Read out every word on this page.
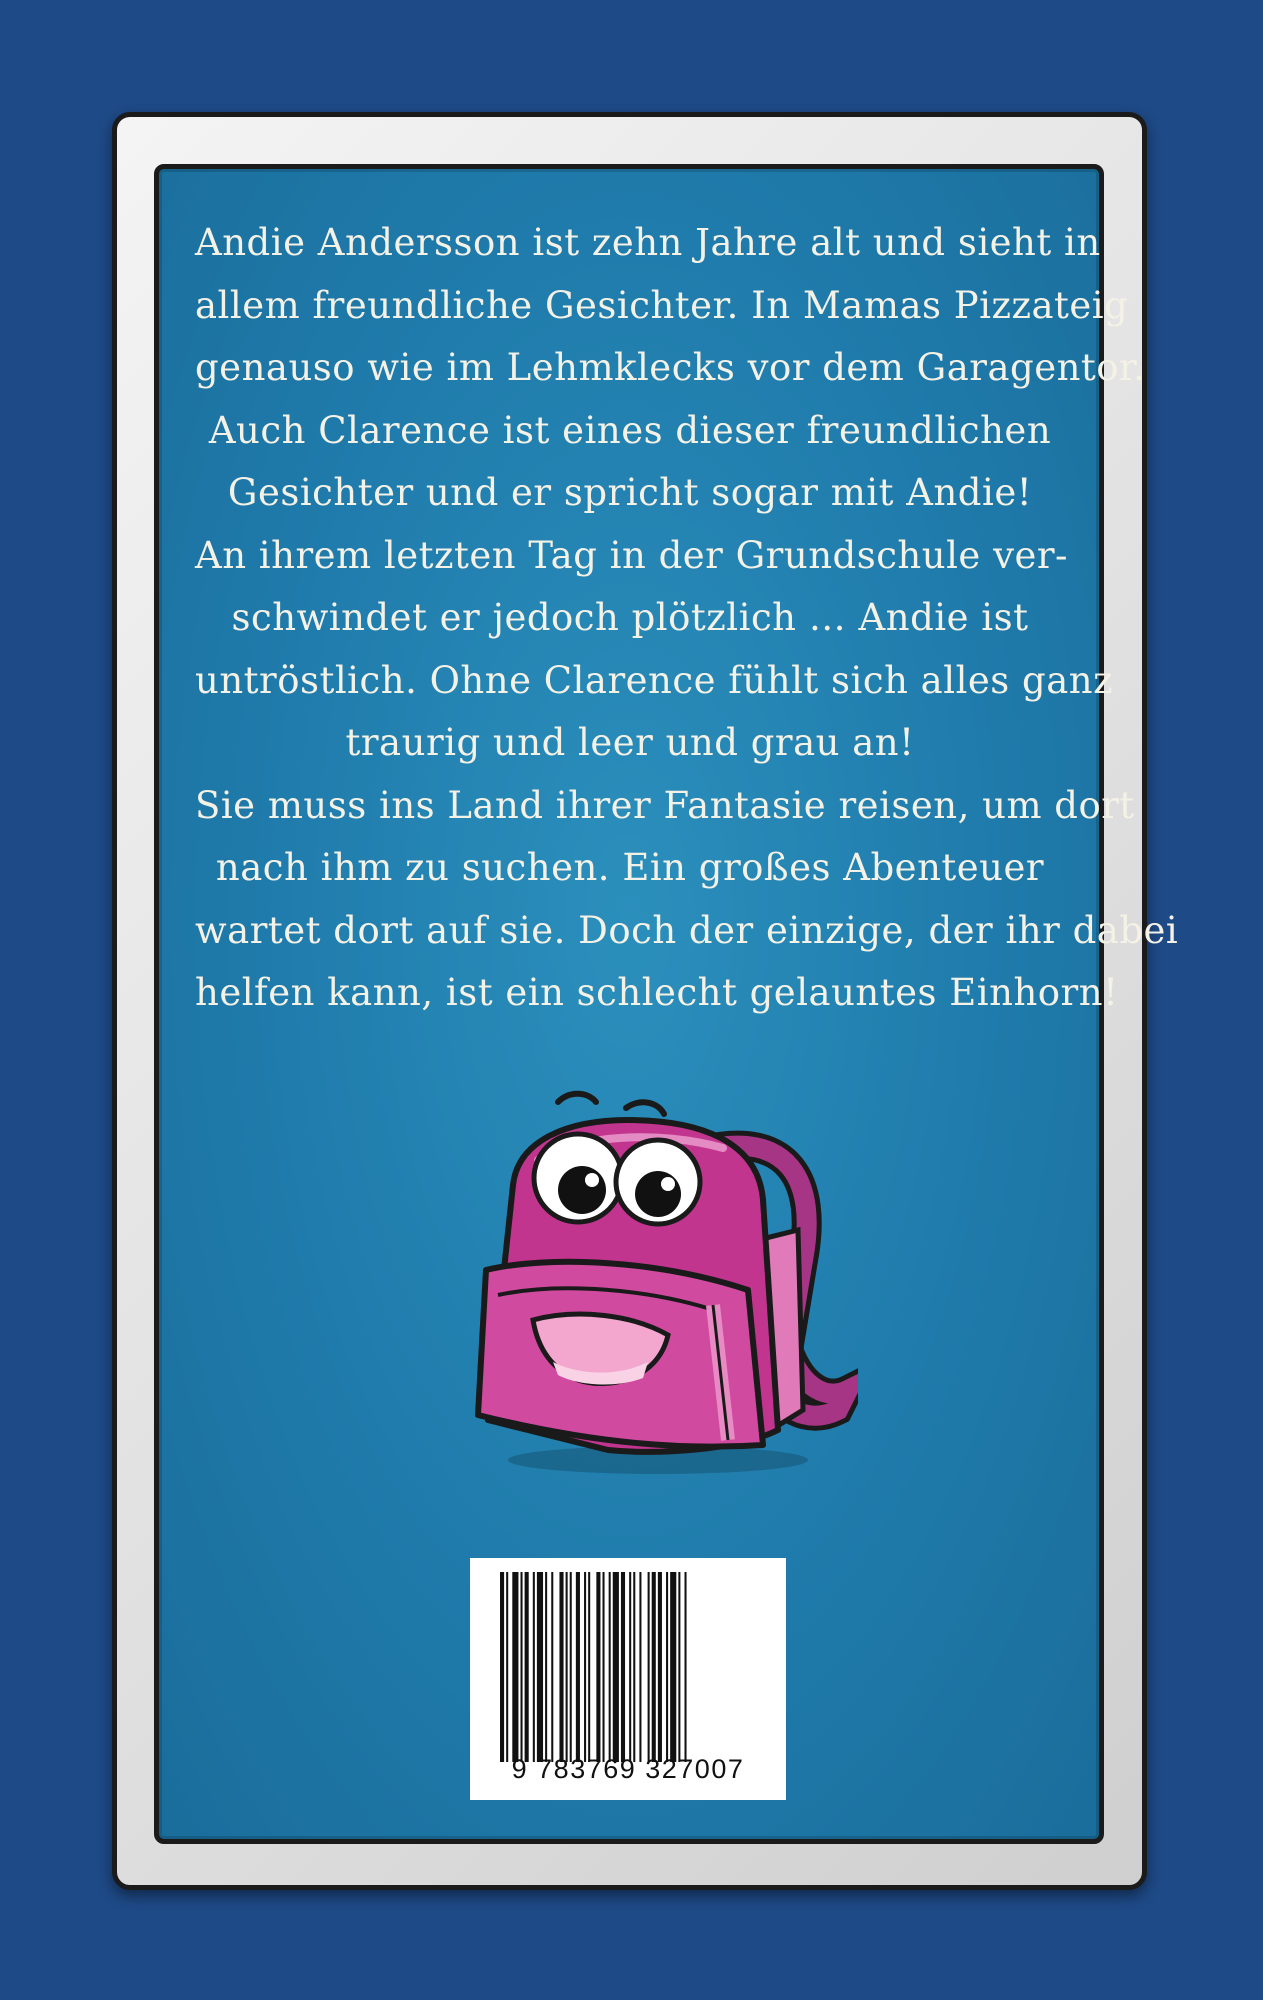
Andie Andersson ist zehn Jahre alt und sieht in
allem freundliche Gesichter. In Mamas Pizzateig
genauso wie im Lehmklecks vor dem Garagentor.
Auch Clarence ist eines dieser freundlichen
Gesichter und er spricht sogar mit Andie!
An ihrem letzten Tag in der Grundschule ver-
schwindet er jedoch plötzlich … Andie ist
untröstlich. Ohne Clarence fühlt sich alles ganz
traurig und leer und grau an!
Sie muss ins Land ihrer Fantasie reisen, um dort
nach ihm zu suchen. Ein großes Abenteuer
wartet dort auf sie. Doch der einzige, der ihr dabei
helfen kann, ist ein schlecht gelauntes Einhorn!
9 783769 327007
